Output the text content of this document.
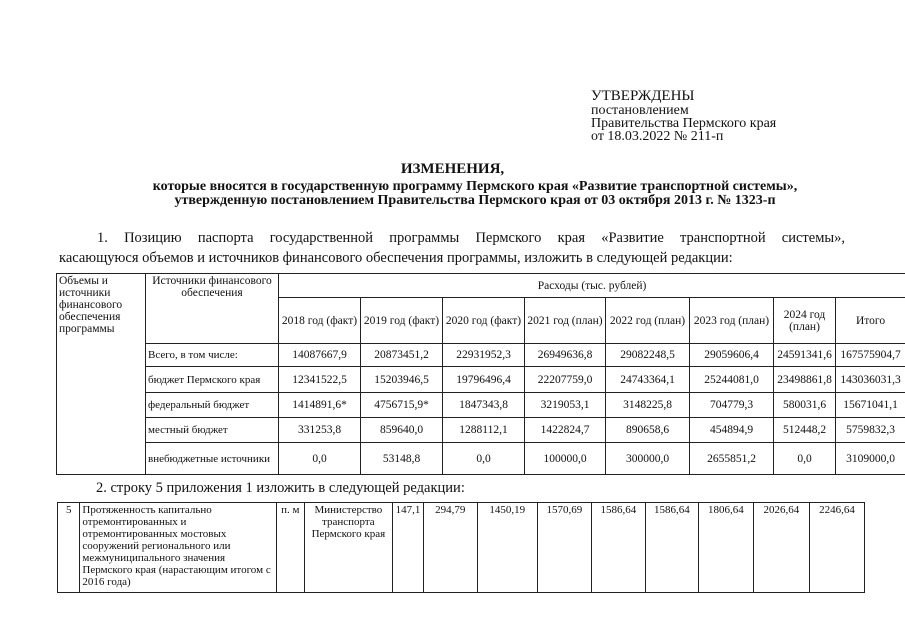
УТВЕРЖДЕНЫ
постановлением
Правительства Пермского края
от 18.03.2022 № 211-п
ИЗМЕНЕНИЯ,
которые вносятся в государственную программу Пермского края «Развитие транспортной системы»,
утвержденную постановлением Правительства Пермского края от 03 октября 2013 г. № 1323-п
1. Позицию паспорта государственной программы Пермского края «Развитие транспортной системы»,
касающуюся объемов и источников финансового обеспечения программы, изложить в следующей редакции:
Объемы и источники финансового обеспечения программы	Источники финансового обеспечения	Расходы (тыс. рублей)							
		2018 год (факт)	2019 год (факт)	2020 год (факт)	2021 год (план)	2022 год (план)	2023 год (план)	2024 год (план)	Итого
	Всего, в том числе:	14087667,9	20873451,2	22931952,3	26949636,8	29082248,5	29059606,4	24591341,6	167575904,7
	бюджет Пермского края	12341522,5	15203946,5	19796496,4	22207759,0	24743364,1	25244081,0	23498861,8	143036031,3
	федеральный бюджет	1414891,6*	4756715,9*	1847343,8	3219053,1	3148225,8	704779,3	580031,6	15671041,1
	местный бюджет	331253,8	859640,0	1288112,1	1422824,7	890658,6	454894,9	512448,2	5759832,3
	внебюджетные источники	0,0	53148,8	0,0	100000,0	300000,0	2655851,2	0,0	3109000,0
2. строку 5 приложения 1 изложить в следующей редакции:
5	Протяженность капитально отремонтированных и отремонтированных мостовых сооружений регионального или межмуниципального значения Пермского края (нарастающим итогом с 2016 года)	п. м	Министерство транспорта Пермского края	147,1	294,79	1450,19	1570,69	1586,64	1586,64	1806,64	2026,64	2246,64
